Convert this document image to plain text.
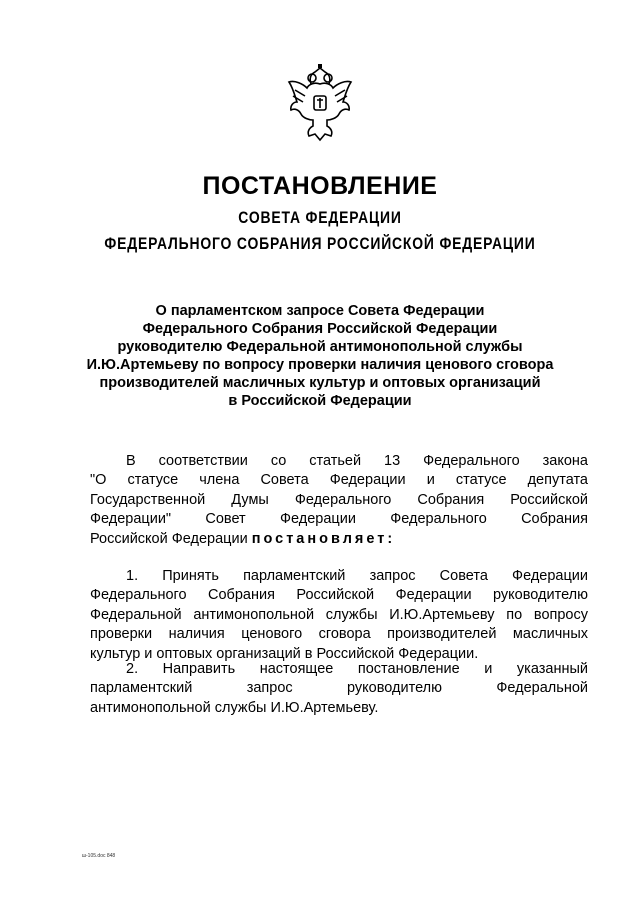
ПОСТАНОВЛЕНИЕ
СОВЕТА ФЕДЕРАЦИИ
ФЕДЕРАЛЬНОГО СОБРАНИЯ РОССИЙСКОЙ ФЕДЕРАЦИИ
О парламентском запросе Совета Федерации
Федерального Собрания Российской Федерации
руководителю Федеральной антимонопольной службы
И.Ю.Артемьеву по вопросу проверки наличия ценового сговора
производителей масличных культур и оптовых организаций
в Российской Федерации
В соответствии со статьей 13 Федерального закона
"О статусе члена Совета Федерации и статусе депутата
Государственной Думы Федерального Собрания Российской
Федерации" Совет Федерации Федерального Собрания
Российской Федерации постановляет:
1. Принять парламентский запрос Совета Федерации
Федерального Собрания Российской Федерации руководителю
Федеральной антимонопольной службы И.Ю.Артемьеву по вопросу
проверки наличия ценового сговора производителей масличных
культур и оптовых организаций в Российской Федерации.
2. Направить настоящее постановление и указанный
парламентский запрос руководителю Федеральной
антимонопольной службы И.Ю.Артемьеву.
ш-105.doc 848
